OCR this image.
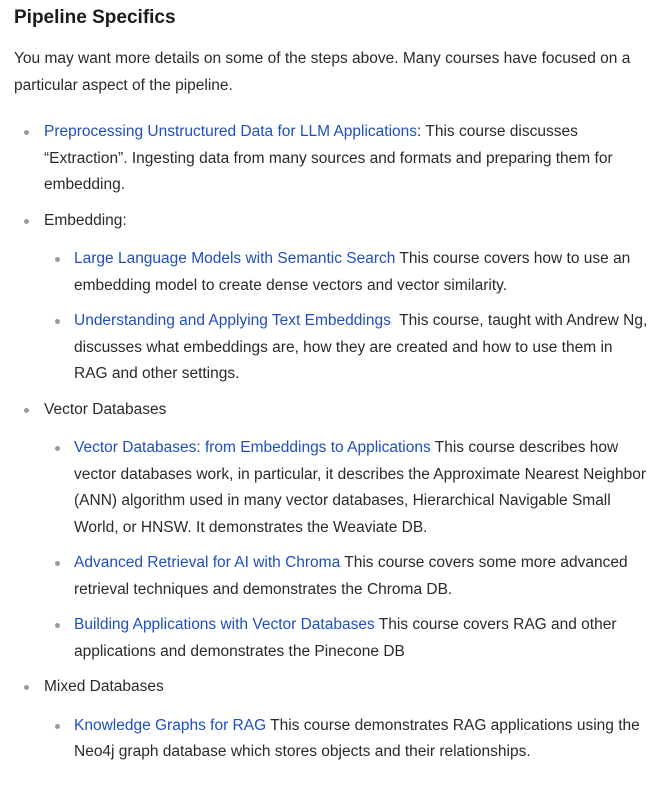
Pipeline Specifics

You may want more details on some of the steps above. Many courses have focused on a particular aspect of the pipeline.

Preprocessing Unstructured Data for LLM Applications: This course discusses “Extraction”. Ingesting data from many sources and formats and preparing them for embedding.
Embedding:
Large Language Models with Semantic Search This course covers how to use an embedding model to create dense vectors and vector similarity.
Understanding and Applying Text Embeddings  This course, taught with Andrew Ng, discusses what embeddings are, how they are created and how to use them in RAG and other settings.
Vector Databases
Vector Databases: from Embeddings to Applications This course describes how vector databases work, in particular, it describes the Approximate Nearest Neighbor (ANN) algorithm used in many vector databases, Hierarchical Navigable Small World, or HNSW. It demonstrates the Weaviate DB.
Advanced Retrieval for AI with Chroma This course covers some more advanced retrieval techniques and demonstrates the Chroma DB.
Building Applications with Vector Databases This course covers RAG and other applications and demonstrates the Pinecone DB
Mixed Databases
Knowledge Graphs for RAG This course demonstrates RAG applications using the Neo4j graph database which stores objects and their relationships.
